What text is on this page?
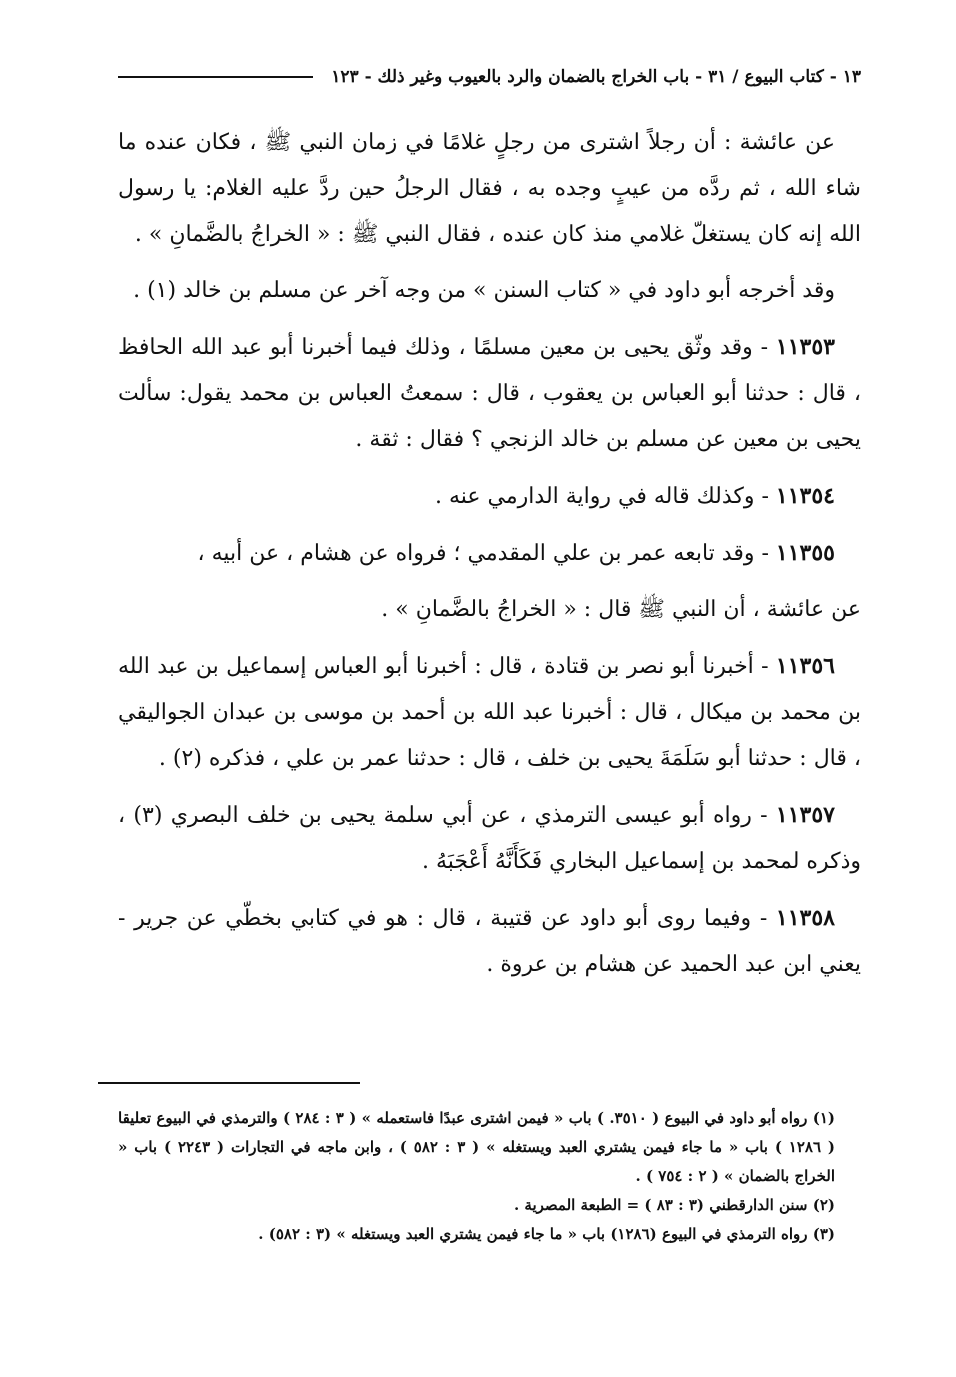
١٣ - كتاب البيوع / ٣١ - باب الخراج بالضمان والرد بالعيوب وغير ذلك - ١٢٣

عن عائشة : أن رجلاً اشترى من رجلٍ غلامًا في زمان النبي ﷺ ، فكان عنده ما شاء الله ، ثم ردَّه من عيبٍ وجده به ، فقال الرجلُ حين ردَّ عليه الغلام: يا رسول الله إنه كان يستغلّ غلامي منذ كان عنده ، فقال النبي ﷺ : « الخراجُ بالضَّمانِ » .

وقد أخرجه أبو داود في « كتاب السنن » من وجه آخر عن مسلم بن خالد (١) .

١١٣٥٣ - وقد وثّق يحيى بن معين مسلمًا ، وذلك فيما أخبرنا أبو عبد الله الحافظ ، قال : حدثنا أبو العباس بن يعقوب ، قال : سمعتُ العباس بن محمد يقول: سألت يحيى بن معين عن مسلم بن خالد الزنجي ؟ فقال : ثقة .

١١٣٥٤ - وكذلك قاله في رواية الدارمي عنه .

١١٣٥٥ - وقد تابعه عمر بن علي المقدمي ؛ فرواه عن هشام ، عن أبيه ،

عن عائشة ، أن النبي ﷺ قال : « الخراجُ بالضَّمانِ » .

١١٣٥٦ - أخبرنا أبو نصر بن قتادة ، قال : أخبرنا أبو العباس إسماعيل بن عبد الله بن محمد بن ميكال ، قال : أخبرنا عبد الله بن أحمد بن موسى بن عبدان الجواليقي ، قال : حدثنا أبو سَلَمَةَ يحيى بن خلف ، قال : حدثنا عمر بن علي ، فذكره (٢) .

١١٣٥٧ - رواه أبو عيسى الترمذي ، عن أبي سلمة يحيى بن خلف البصري (٣) ، وذكره لمحمد بن إسماعيل البخاري فَكَأَنَّهُ أَعْجَبَهُ .

١١٣٥٨ - وفيما روى أبو داود عن قتيبة ، قال : هو في كتابي بخطّي عن جرير - يعني ابن عبد الحميد عن هشام بن عروة .

(١) رواه أبو داود في البيوع ( ٣٥١٠. ) باب « فيمن اشترى عبدًا فاستعمله » ( ٣ : ٢٨٤ ) والترمذي في البيوع تعليقا ( ١٢٨٦ ) باب « ما جاء فيمن يشتري العبد ويستغله » ( ٣ : ٥٨٢ ) ، وابن ماجه في التجارات ( ٢٢٤٣ ) باب « الخراج بالضمان » ( ٢ : ٧٥٤ ) .

(٢) سنن الدارقطني (٣ : ٨٣ ) = الطبعة المصرية .

(٣) رواه الترمذي في البيوع (١٢٨٦) باب « ما جاء فيمن يشتري العبد ويستغله » (٣ : ٥٨٢) .
